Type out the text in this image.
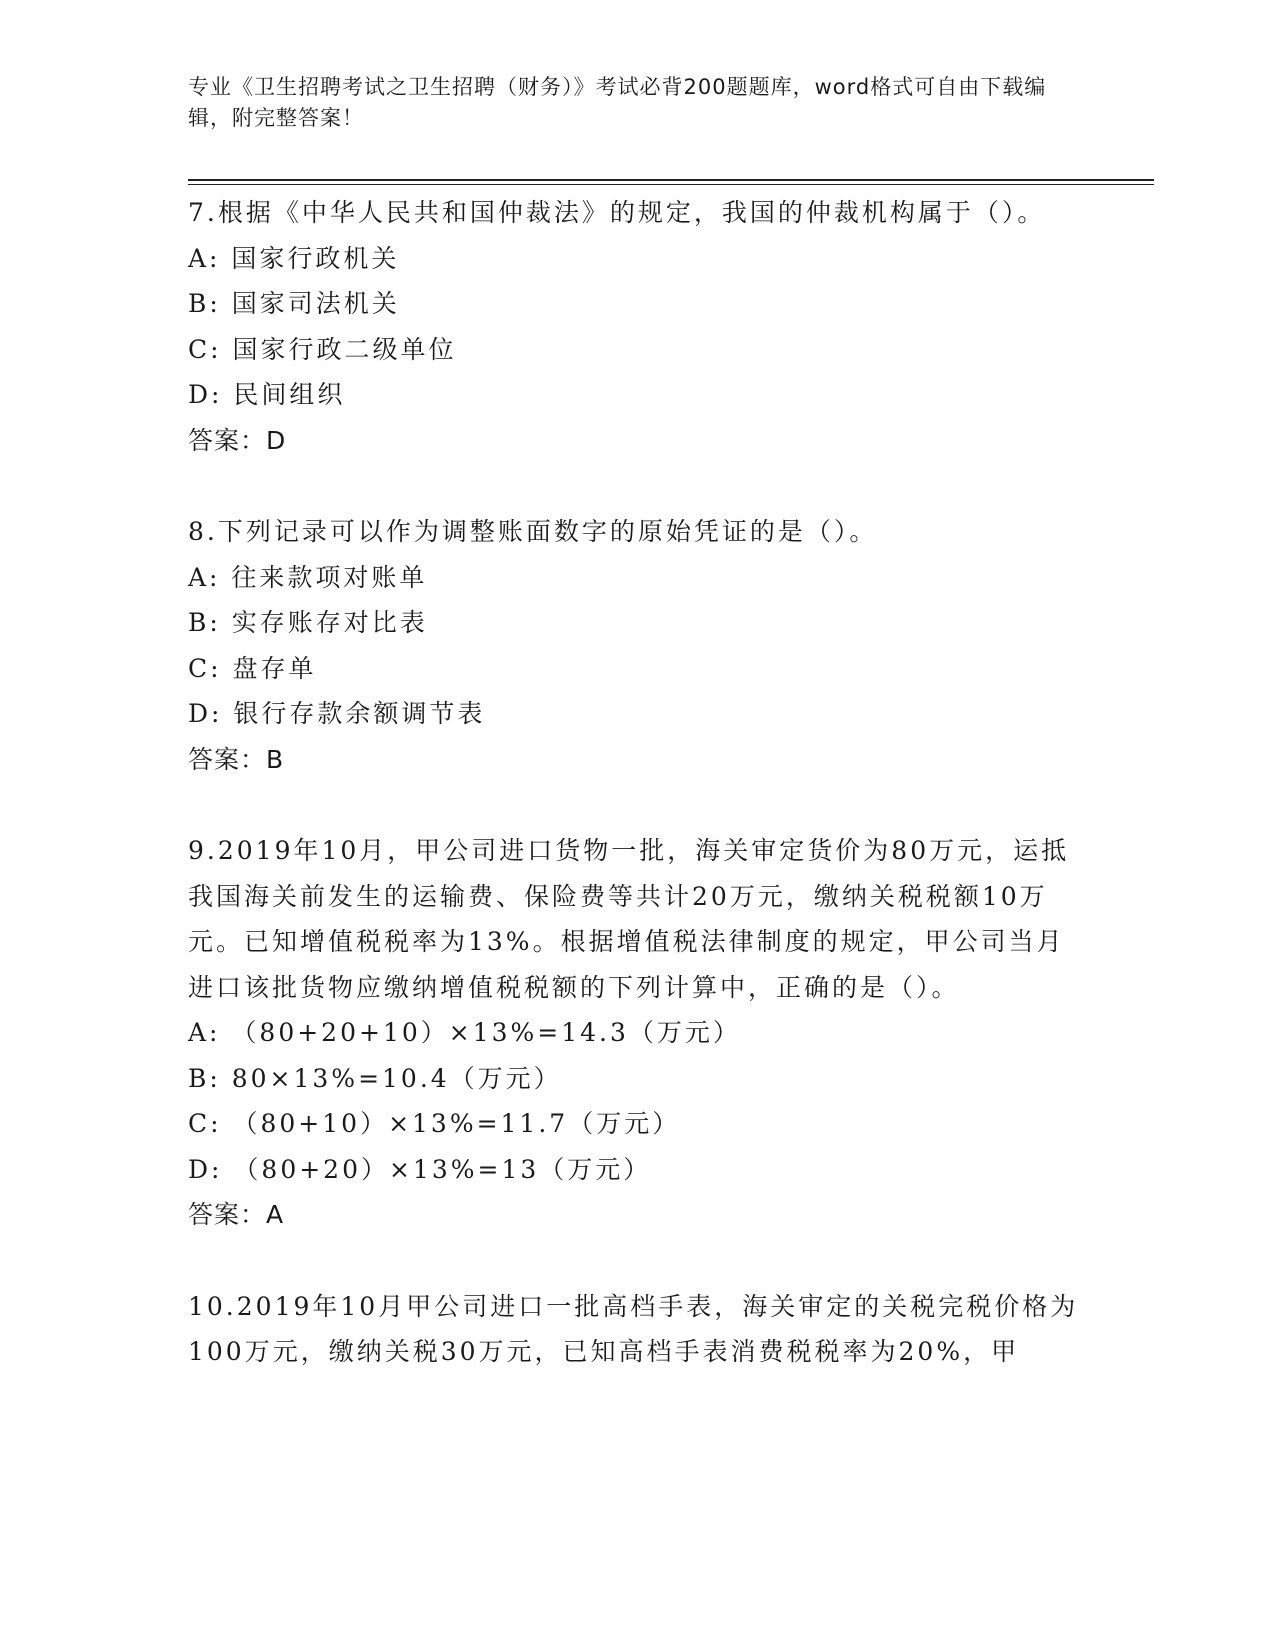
专业《卫生招聘考试之卫生招聘（财务）》考试必背200题题库，word格式可自由下载编辑，附完整答案！

7.根据《中华人民共和国仲裁法》的规定，我国的仲裁机构属于（）。

A: 国家行政机关

B: 国家司法机关

C: 国家行政二级单位

D: 民间组织

答案：D

8.下列记录可以作为调整账面数字的原始凭证的是（）。

A: 往来款项对账单

B: 实存账存对比表

C: 盘存单

D: 银行存款余额调节表

答案：B

9.2019年10月，甲公司进口货物一批，海关审定货价为80万元，运抵我国海关前发生的运输费、保险费等共计20万元，缴纳关税税额10万元。已知增值税税率为13%。根据增值税法律制度的规定，甲公司当月进口该批货物应缴纳增值税税额的下列计算中，正确的是（）。

A: （80+20+10）×13%=14.3（万元）

B: 80×13%=10.4（万元）

C: （80+10）×13%=11.7（万元）

D: （80+20）×13%=13（万元）

答案：A

10.2019年10月甲公司进口一批高档手表，海关审定的关税完税价格为100万元，缴纳关税30万元，已知高档手表消费税税率为20%，甲
